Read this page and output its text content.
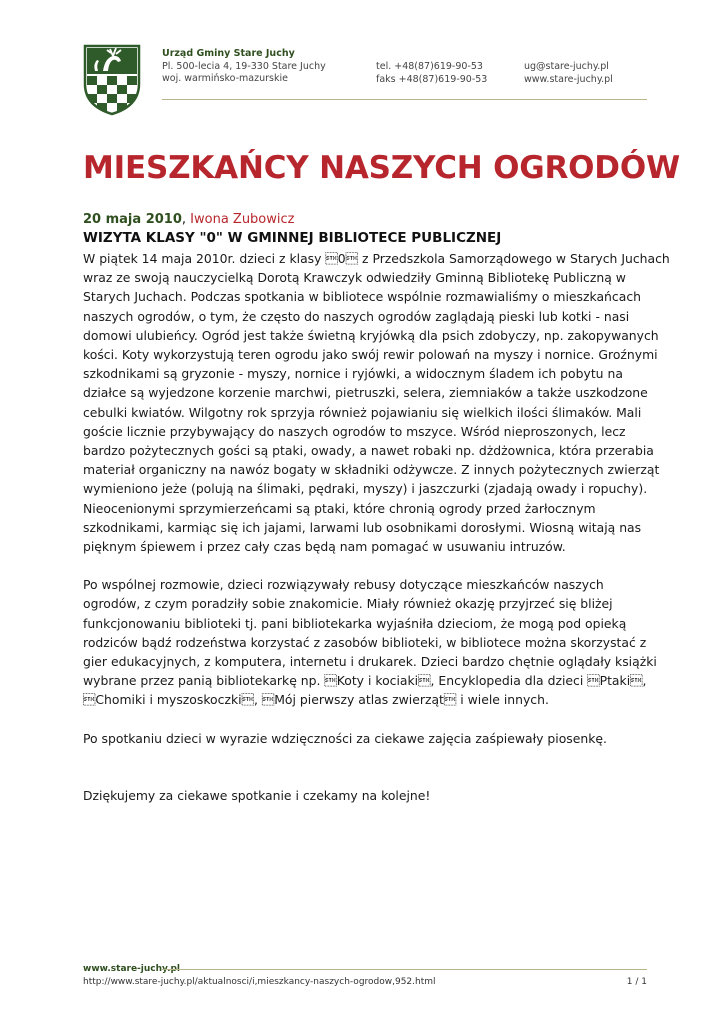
Urząd Gminy Stare Juchy
Pl. 500-lecia 4, 19-330 Stare Juchy
woj. warmińsko-mazurskie
tel. +48(87)619-90-53
faks +48(87)619-90-53
ug@stare-juchy.pl
www.stare-juchy.pl
MIESZKAŃCY NASZYCH OGRODÓW
20 maja 2010, Iwona Zubowicz
WIZYTA KLASY "0" W GMINNEJ BIBLIOTECE PUBLICZNEJ

W piątek 14 maja 2010r. dzieci z klasy 0 z Przedszkola Samorządowego w Starych Juchach

wraz ze swoją nauczycielką Dorotą Krawczyk odwiedziły Gminną Bibliotekę Publiczną w

Starych Juchach. Podczas spotkania w bibliotece wspólnie rozmawialiśmy o mieszkańcach

naszych ogrodów, o tym, że często do naszych ogrodów zaglądają pieski lub kotki - nasi

domowi ulubieńcy. Ogród jest także świetną kryjówką dla psich zdobyczy, np. zakopywanych

kości. Koty wykorzystują teren ogrodu jako swój rewir polowań na myszy i nornice. Groźnymi

szkodnikami są gryzonie - myszy, nornice i ryjówki, a widocznym śladem ich pobytu na

działce są wyjedzone korzenie marchwi, pietruszki, selera, ziemniaków a także uszkodzone

cebulki kwiatów. Wilgotny rok sprzyja również pojawianiu się wielkich ilości ślimaków. Mali

goście licznie przybywający do naszych ogrodów to mszyce. Wśród nieproszonych, lecz

bardzo pożytecznych gości są ptaki, owady, a nawet robaki np. dżdżownica, która przerabia

materiał organiczny na nawóz bogaty w składniki odżywcze. Z innych pożytecznych zwierząt

wymieniono jeże (polują na ślimaki, pędraki, myszy) i jaszczurki (zjadają owady i ropuchy).

Nieocenionymi sprzymierzeńcami są ptaki, które chronią ogrody przed żarłocznym

szkodnikami, karmiąc się ich jajami, larwami lub osobnikami dorosłymi. Wiosną witają nas

pięknym śpiewem i przez cały czas będą nam pomagać w usuwaniu intruzów.

Po wspólnej rozmowie, dzieci rozwiązywały rebusy dotyczące mieszkańców naszych

ogrodów, z czym poradziły sobie znakomicie. Miały również okazję przyjrzeć się bliżej

funkcjonowaniu biblioteki tj. pani bibliotekarka wyjaśniła dzieciom, że mogą pod opieką

rodziców bądź rodzeństwa korzystać z zasobów biblioteki, w bibliotece można skorzystać z

gier edukacyjnych, z komputera, internetu i drukarek. Dzieci bardzo chętnie oglądały książki

wybrane przez panią bibliotekarkę np. Koty i kociaki, Encyklopedia dla dzieci Ptaki,

Chomiki i myszoskoczki, Mój pierwszy atlas zwierząt i wiele innych.

Po spotkaniu dzieci w wyrazie wdzięczności za ciekawe zajęcia zaśpiewały piosenkę.

Dziękujemy za ciekawe spotkanie i czekamy na kolejne!

www.stare-juchy.pl
http://www.stare-juchy.pl/aktualnosci/i,mieszkancy-naszych-ogrodow,952.html	1 / 1
